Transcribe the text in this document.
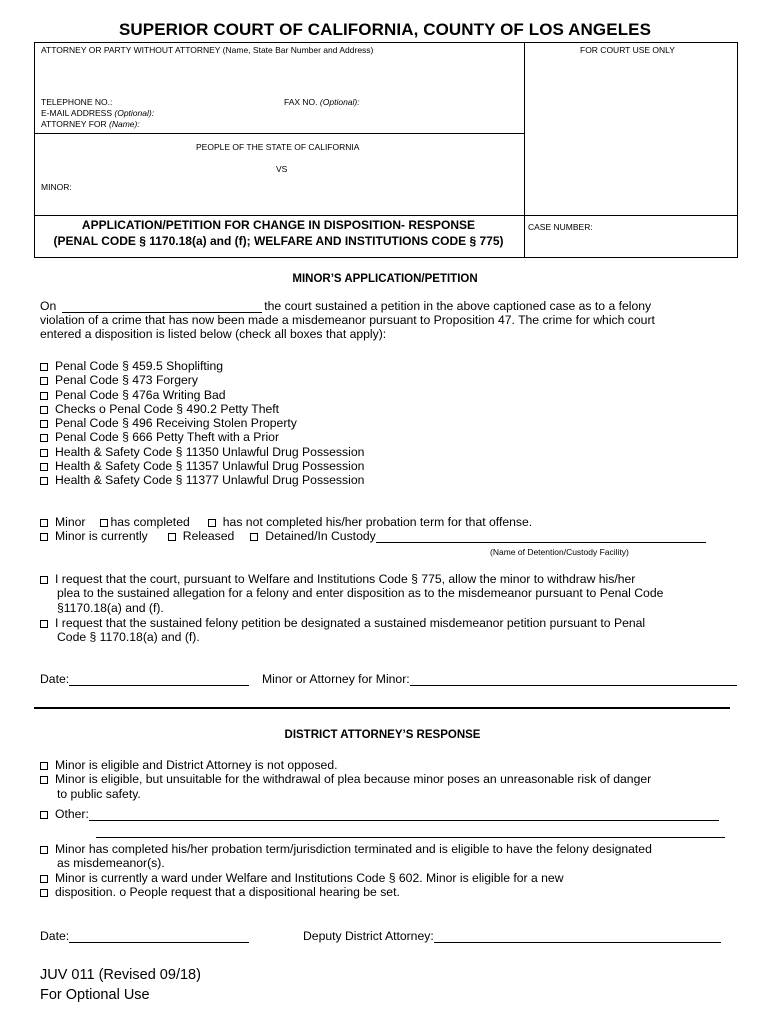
SUPERIOR COURT OF CALIFORNIA, COUNTY OF LOS ANGELES
ATTORNEY OR PARTY WITHOUT ATTORNEY (Name, State Bar Number and Address)	FOR COURT USE ONLY
TELEPHONE NO.:	FAX NO. (Optional):
E-MAIL ADDRESS (Optional):
ATTORNEY FOR (Name):
PEOPLE OF THE STATE OF CALIFORNIA
VS
MINOR:
APPLICATION/PETITION FOR CHANGE IN DISPOSITION- RESPONSE
(PENAL CODE § 1170.18(a) and (f); WELFARE AND INSTITUTIONS CODE § 775)
CASE NUMBER:
MINOR’S APPLICATION/PETITION
On	the court sustained a petition in the above captioned case as to a felony
violation of a crime that has now been made a misdemeanor pursuant to Proposition 47. The crime for which court
entered a disposition is listed below (check all boxes that apply):
Penal Code § 459.5 Shoplifting
Penal Code § 473 Forgery
Penal Code § 476a Writing Bad
Checks o Penal Code § 490.2 Petty Theft
Penal Code § 496 Receiving Stolen Property
Penal Code § 666 Petty Theft with a Prior
Health & Safety Code § 11350 Unlawful Drug Possession
Health & Safety Code § 11357 Unlawful Drug Possession
Health & Safety Code § 11377 Unlawful Drug Possession
Minor has completed	has not completed his/her probation term for that offense.
Minor is currently	Released	Detained/In Custody
(Name of Detention/Custody Facility)
I request that the court, pursuant to Welfare and Institutions Code § 775, allow the minor to withdraw his/her
plea to the sustained allegation for a felony and enter disposition as to the misdemeanor pursuant to Penal Code
§1170.18(a) and (f).
I request that the sustained felony petition be designated a sustained misdemeanor petition pursuant to Penal
Code § 1170.18(a) and (f).
Date:	Minor or Attorney for Minor:
DISTRICT ATTORNEY’S RESPONSE
Minor is eligible and District Attorney is not opposed.
Minor is eligible, but unsuitable for the withdrawal of plea because minor poses an unreasonable risk of danger
to public safety.
Other:
Minor has completed his/her probation term/jurisdiction terminated and is eligible to have the felony designated
as misdemeanor(s).
Minor is currently a ward under Welfare and Institutions Code § 602. Minor is eligible for a new
disposition. o People request that a dispositional hearing be set.
Date:	Deputy District Attorney:
JUV 011 (Revised 09/18)
For Optional Use
